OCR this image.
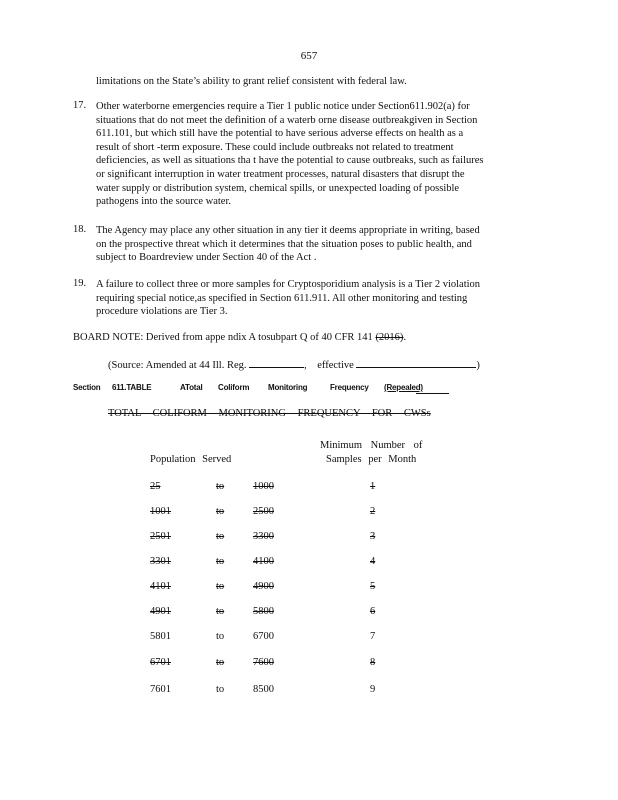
657
limitations on the State’s ability to grant relief consistent with federal law.
17. Other waterborne emergencies require a Tier 1 public notice under Section611.902(a) for
situations that do not meet the definition of a waterb orne disease outbreakgiven in Section
611.101, but which still have the potential to have serious adverse effects on health as a
result of short -term exposure. These could include outbreaks not related to treatment
deficiencies, as well as situations tha t have the potential to cause outbreaks, such as failures
or significant interruption in water treatment processes, natural disasters that disrupt the
water supply or distribution system, chemical spills, or unexpected loading of possible
pathogens into the source water.
18. The Agency may place any other situation in any tier it deems appropriate in writing, based
on the prospective threat which it determines that the situation poses to public health, and
subject to Boardreview under Section 40 of the Act .
19. A failure to collect three or more samples for Cryptosporidium analysis is a Tier 2 violation
requiring special notice,as specified in Section 611.911. All other monitoring and testing
procedure violations are Tier 3.
BOARD NOTE: Derived from appe ndix A tosubpart Q of 40 CFR 141 (2016).
(Source: Amended at 44 Ill. Reg.	, effective	)
Section 611.TABLE	ATotal Coliform Monitoring	Frequency (Repealed)
TOTAL COLIFORM MONITORING FREQUENCY FOR CWSs
Population Served
Minimum Number of
Samples per Month
25	to	1000	1
1001	to	2500	2
2501	to	3300	3
3301	to	4100	4
4101	to	4900	5
4901	to	5800	6
5801	to	6700	7
6701	to	7600	8
7601	to	8500	9
